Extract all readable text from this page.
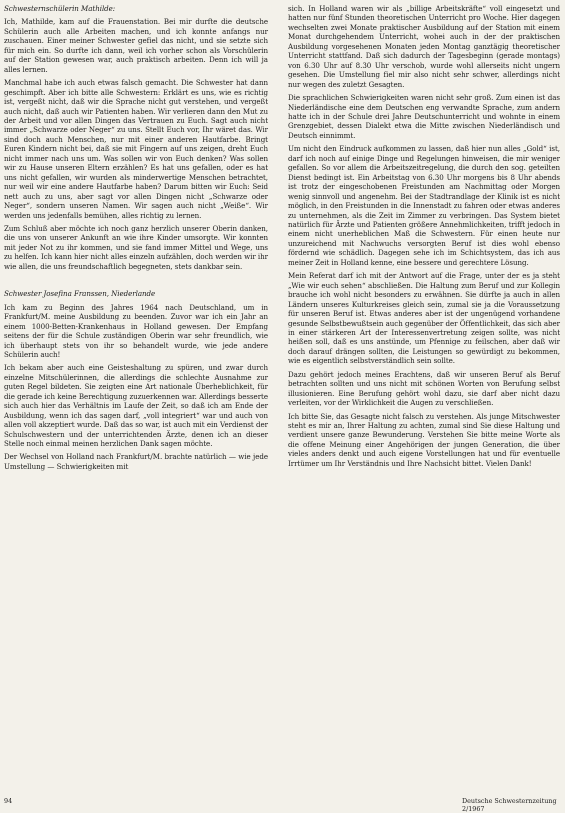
Schwesternschülerin Mathilde:

Ich, Mathilde, kam auf die Frauenstation. Bei mir durfte die deutsche Schülerin auch alle Arbeiten machen, und ich konnte anfangs nur zuschauen. Einer meiner Schwester gefiel das nicht, und sie setzte sich für mich ein. So durfte ich dann, weil ich vorher schon als Vorschülerin auf der Station gewesen war, auch praktisch arbeiten. Denn ich will ja alles lernen.

Manchmal habe ich auch etwas falsch gemacht. Die Schwester hat dann geschimpft. Aber ich bitte alle Schwestern: Erklärt es uns, wie es richtig ist, vergeßt nicht, daß wir die Sprache nicht gut verstehen, und vergeßt auch nicht, daß auch wir Patienten haben. Wir verlieren dann den Mut zu der Arbeit und vor allen Dingen das Vertrauen zu Euch. Sagt auch nicht immer „Schwarze oder Neger“ zu uns. Stellt Euch vor, Ihr wäret das. Wir sind doch auch Menschen, nur mit einer anderen Hautfarbe. Bringt Euren Kindern nicht bei, daß sie mit Fingern auf uns zeigen, dreht Euch nicht immer nach uns um. Was sollen wir von Euch denken? Was sollen wir zu Hause unseren Eltern erzählen? Es hat uns gefallen, oder es hat uns nicht gefallen, wir wurden als minderwertige Menschen betrachtet, nur weil wir eine andere Hautfarbe haben? Darum bitten wir Euch: Seid nett auch zu uns, aber sagt vor allen Dingen nicht „Schwarze oder Neger“, sondern unseren Namen. Wir sagen auch nicht „Weiße“. Wir werden uns jedenfalls bemühen, alles richtig zu lernen.

Zum Schluß aber möchte ich noch ganz herzlich unserer Oberin danken, die uns von unserer Ankunft an wie ihre Kinder umsorgte. Wir konnten mit jeder Not zu ihr kommen, und sie fand immer Mittel und Wege, uns zu helfen. Ich kann hier nicht alles einzeln aufzählen, doch werden wir ihr wie allen, die uns freundschaftlich begegneten, stets dankbar sein.

Schwester Josefina Franssen, Niederlande

Ich kam zu Beginn des Jahres 1964 nach Deutschland, um in Frankfurt/M. meine Ausbildung zu beenden. Zuvor war ich ein Jahr an einem 1000-Betten-Krankenhaus in Holland gewesen. Der Empfang seitens der für die Schule zuständigen Oberin war sehr freundlich, wie ich überhaupt stets von ihr so behandelt wurde, wie jede andere Schülerin auch!

Ich bekam aber auch eine Geisteshaltung zu spüren, und zwar durch einzelne Mitschülerinnen, die allerdings die schlechte Ausnahme zur guten Regel bildeten. Sie zeigten eine Art nationale Überheblichkeit, für die gerade ich keine Berechtigung zuzuerkennen war. Allerdings besserte sich auch hier das Verhältnis im Laufe der Zeit, so daß ich am Ende der Ausbildung, wenn ich das sagen darf, „voll integriert“ war und auch von allen voll akzeptiert wurde. Daß das so war, ist auch mit ein Verdienst der Schulschwestern und der unterrichtenden Ärzte, denen ich an dieser Stelle noch einmal meinen herzlichen Dank sagen möchte.

Der Wechsel von Holland nach Frankfurt/M. brachte natürlich — wie jede Umstellung — Schwierigkeiten mit

sich. In Holland waren wir als „billige Arbeitskräfte“ voll eingesetzt und hatten nur fünf Stunden theoretischen Unterricht pro Woche. Hier dagegen wechselten zwei Monate praktischer Ausbildung auf der Station mit einem Monat durchgehendem Unterricht, wohei auch in der der praktischen Ausbildung vorgesehenen Monaten jeden Montag ganztägig theoretischer Unterricht stattfand. Daß sich dadurch der Tagesbeginn (gerade montags) von 6.30 Uhr auf 8.30 Uhr verschob, wurde wohl allerseits nicht ungern gesehen. Die Umstellung fiel mir also nicht sehr schwer, allerdings nicht nur wegen des zuletzt Gesagten.

Die sprachlichen Schwierigkeiten waren nicht sehr groß. Zum einen ist das Niederländische eine dem Deutschen eng verwandte Sprache, zum andern hatte ich in der Schule drei Jahre Deutschunterricht und wohnte in einem Grenzgebiet, dessen Dialekt etwa die Mitte zwischen Niederländisch und Deutsch einnimmt.

Um nicht den Eindruck aufkommen zu lassen, daß hier nun alles „Gold“ ist, darf ich noch auf einige Dinge und Regelungen hinweisen, die mir weniger gefallen. So vor allem die Arbeitszeitregelung, die durch den sog. geteilten Dienst bedingt ist. Ein Arbeitstag von 6.30 Uhr morgens bis 8 Uhr abends ist trotz der eingeschobenen Freistunden am Nachmittag oder Morgen wenig sinnvoll und angenehm. Bei der Stadtrandlage der Klinik ist es nicht möglich, in den Freistunden in die Innenstadt zu fahren oder etwas anderes zu unternehmen, als die Zeit im Zimmer zu verbringen. Das System bietet natürlich für Ärzte und Patienten größere Annehmlichkeiten, trifft jedoch in einem nicht unerheblichen Maß die Schwestern. Für einen heute nur unzureichend mit Nachwuchs versorgten Beruf ist dies wohl ebenso fördernd wie schädlich. Dagegen sehe ich im Schichtsystem, das ich aus meiner Zeit in Holland kenne, eine bessere und gerechtere Lösung.

Mein Referat darf ich mit der Antwort auf die Frage, unter der es ja steht „Wie wir euch sehen“ abschließen. Die Haltung zum Beruf und zur Kollegin brauche ich wohl nicht besonders zu erwähnen. Sie dürfte ja auch in allen Ländern unseres Kulturkreises gleich sein, zumal sie ja die Voraussetzung für unseren Beruf ist. Etwas anderes aber ist der ungenügend vorhandene gesunde Selbstbewußtsein auch gegenüber der Öffentlichkeit, das sich aber in einer stärkeren Art der Interessenvertretung zeigen sollte, was nicht heißen soll, daß es uns anstünde, um Pfennige zu feilschen, aber daß wir doch darauf drängen sollten, die Leistungen so gewürdigt zu bekommen, wie es eigentlich selbstverständlich sein sollte.

Dazu gehört jedoch meines Erachtens, daß wir unseren Beruf als Beruf betrachten sollten und uns nicht mit schönen Worten von Berufung selbst illusionieren. Eine Berufung gehört wohl dazu, sie darf aber nicht dazu verleiten, vor der Wirklichkeit die Augen zu verschließen.

Ich bitte Sie, das Gesagte nicht falsch zu verstehen. Als junge Mitschwester steht es mir an, Ihrer Haltung zu achten, zumal sind Sie diese Haltung und verdient unsere ganze Bewunderung. Verstehen Sie bitte meine Worte als die offene Meinung einer Angehörigen der jungen Generation, die über vieles anders denkt und auch eigene Vorstellungen hat und für eventuelle Irrtümer um Ihr Verständnis und Ihre Nachsicht bittet. Vielen Dank!

94	Deutsche Schwesternzeitung 2/1967
